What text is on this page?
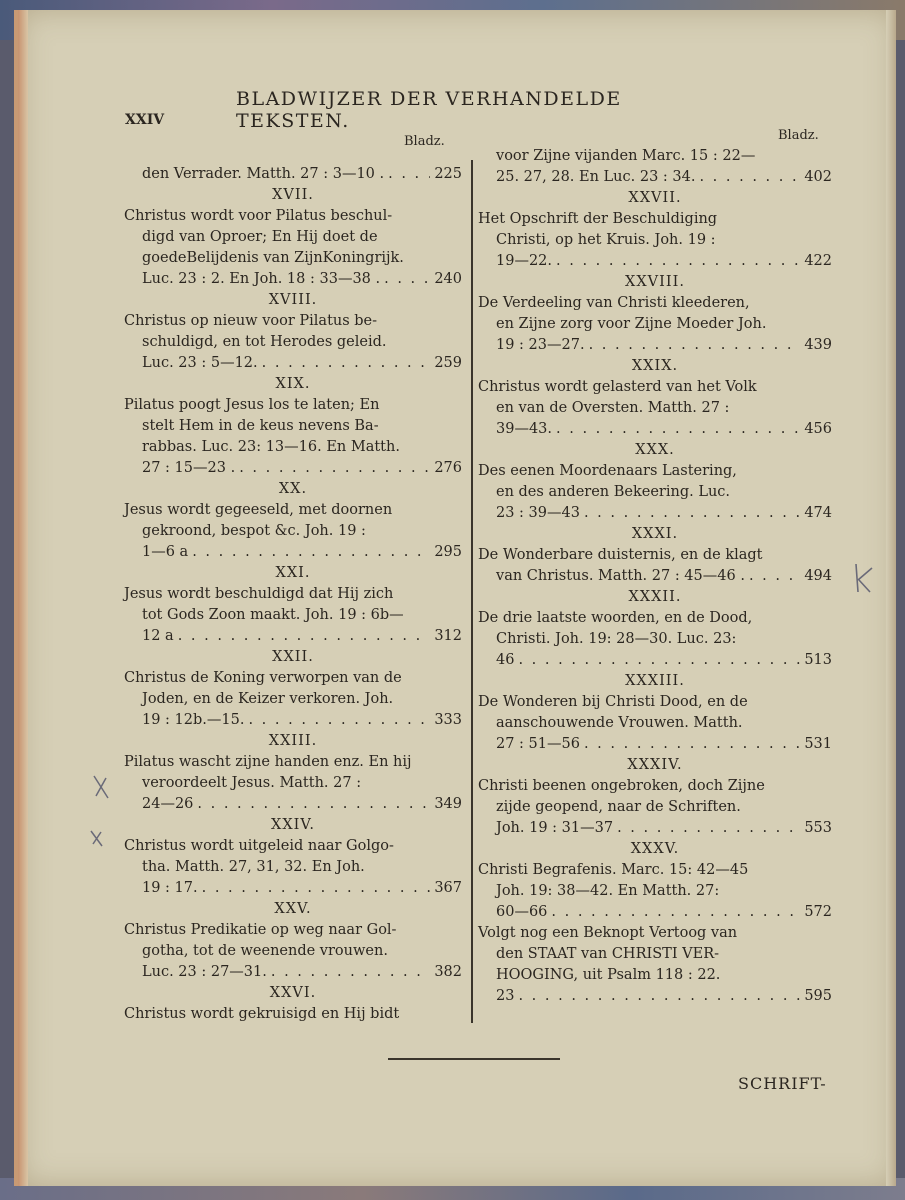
XXIV
BLADWIJZER DER VERHANDELDE TEKSTEN.
Bladz.	Bladz.
den Verrader. Matth. 27 : 3—10 . . . .	225
XVII.
Christus wordt voor Pilatus beschul-
digd van Oproer; En Hij doet de
goedeBelijdenis van ZijnKoningrijk.
Luc. 23 : 2. En Joh. 18 : 33—38 . . . .	240
XVIII.
Christus op nieuw voor Pilatus be-
schuldigd, en tot Herodes geleid.
Luc. 23 : 5—12. . . .	259
XIX.
Pilatus poogt Jesus los te laten; En
stelt Hem in de keus nevens Ba-
rabbas. Luc. 23: 13—16. En Matth.
27 : 15—23 . . . .	276
XX.
Jesus wordt gegeeseld, met doornen
gekroond, bespot &c. Joh. 19 :
1—6 a . . .	295
XXI.
Jesus wordt beschuldigd dat Hij zich
tot Gods Zoon maakt. Joh. 19 : 6b—
12 a . . .	312
XXII.
Christus de Koning verworpen van de
Joden, en de Keizer verkoren. Joh.
19 : 12b.—15. . . .	333
XXIII.
Pilatus wascht zijne handen enz. En hij
veroordeelt Jesus. Matth. 27 :
24—26 . . .	349
XXIV.
Christus wordt uitgeleid naar Golgo-
tha. Matth. 27, 31, 32. En Joh.
19 : 17. . . .	367
XXV.
Christus Predikatie op weg naar Gol-
gotha, tot de weenende vrouwen.
Luc. 23 : 27—31. . . .	382
XXVI.
Christus wordt gekruisigd en Hij bidt
voor Zijne vijanden Marc. 15 : 22—
25. 27, 28. En Luc. 23 : 34. . . .	402
XXVII.
Het Opschrift der Beschuldiging
Christi, op het Kruis. Joh. 19 :
19—22. . . .	422
XXVIII.
De Verdeeling van Christi kleederen,
en Zijne zorg voor Zijne Moeder Joh.
19 : 23—27. . . .	439
XXIX.
Christus wordt gelasterd van het Volk
en van de Oversten. Matth. 27 :
39—43. . . .	456
XXX.
Des eenen Moordenaars Lastering,
en des anderen Bekeering. Luc.
23 : 39—43 . . .	474
XXXI.
De Wonderbare duisternis, en de klagt
van Christus. Matth. 27 : 45—46 . . . .	494
XXXII.
De drie laatste woorden, en de Dood,
Christi. Joh. 19: 28—30. Luc. 23:
46 . . .	513
XXXIII.
De Wonderen bij Christi Dood, en de
aanschouwende Vrouwen. Matth.
27 : 51—56 . . .	531
XXXIV.
Christi beenen ongebroken, doch Zijne
zijde geopend, naar de Schriften.
Joh. 19 : 31—37 . . .	553
XXXV.
Christi Begrafenis. Marc. 15: 42—45
Joh. 19: 38—42. En Matth. 27:
60—66 . . .	572
Volgt nog een Beknopt Vertoog van
den STAAT van CHRISTI VER-
HOOGING, uit Psalm 118 : 22.
23 . . .	595
SCHRIFT-
